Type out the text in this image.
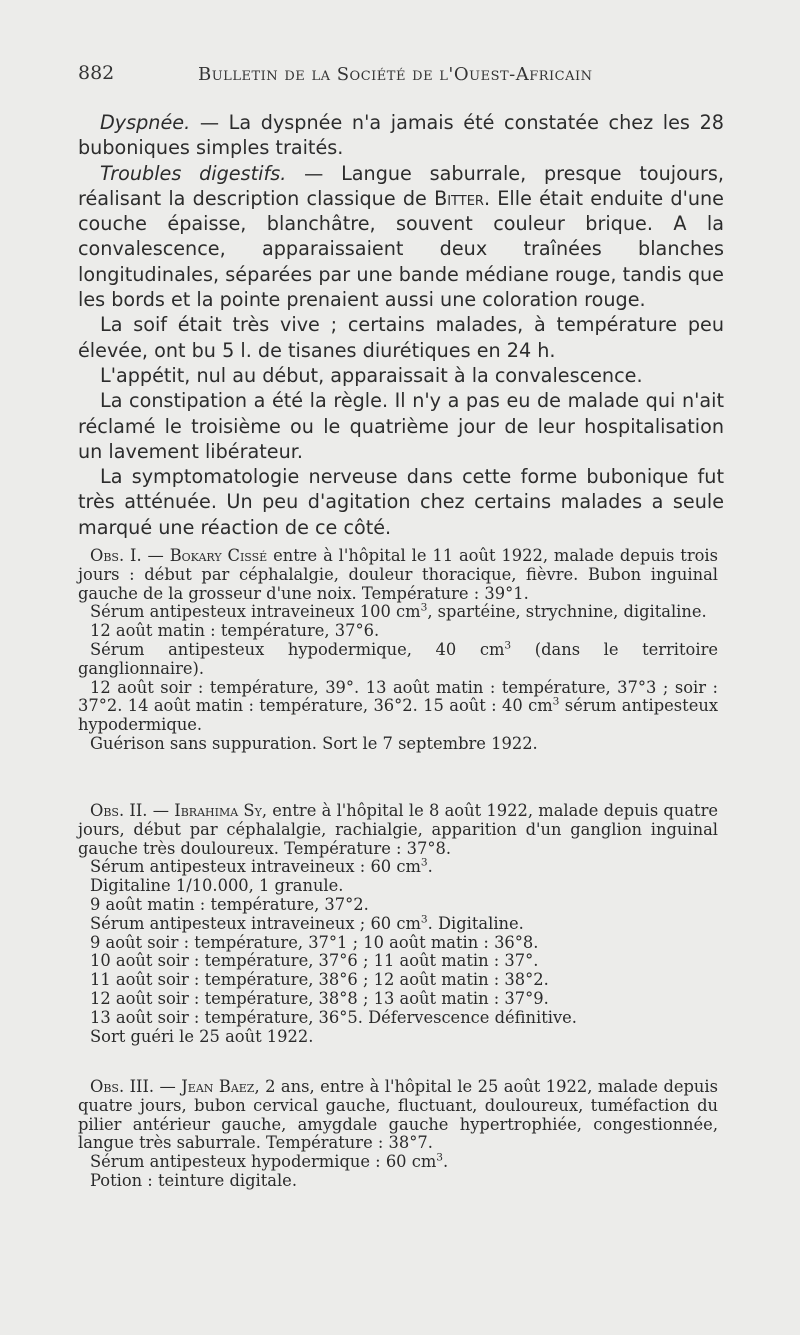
882	Bulletin de la Société de l'Ouest-Africain

Dyspnée. — La dyspnée n'a jamais été constatée chez les 28 buboniques simples traités.

Troubles digestifs. — Langue saburrale, presque toujours, réalisant la description classique de Bitter. Elle était enduite d'une couche épaisse, blanchâtre, souvent couleur brique. A la convalescence, apparaissaient deux traînées blanches longitudinales, séparées par une bande médiane rouge, tandis que les bords et la pointe prenaient aussi une coloration rouge.

La soif était très vive ; certains malades, à température peu élevée, ont bu 5 l. de tisanes diurétiques en 24 h.

L'appétit, nul au début, apparaissait à la convalescence.

La constipation a été la règle. Il n'y a pas eu de malade qui n'ait réclamé le troisième ou le quatrième jour de leur hospitalisation un lavement libérateur.

La symptomatologie nerveuse dans cette forme bubonique fut très atténuée. Un peu d'agitation chez certains malades a seule marqué une réaction de ce côté.

Obs. I. — Bokary Cissé entre à l'hôpital le 11 août 1922, malade depuis trois jours : début par céphalalgie, douleur thoracique, fièvre. Bubon inguinal gauche de la grosseur d'une noix. Température : 39°1.

Sérum antipesteux intraveineux 100 $cm^3$, spartéine, strychnine, digitaline.

12 août matin : température, 37°6.

Sérum antipesteux hypodermique, 40 $cm^3$ (dans le territoire ganglionnaire).

12 août soir : température, 39°. 13 août matin : température, 37°3 ; soir : 37°2. 14 août matin : température, 36°2. 15 août : 40 $cm^3$ sérum antipesteux hypodermique.

Guérison sans suppuration. Sort le 7 septembre 1922.

Obs. II. — Ibrahima Sy, entre à l'hôpital le 8 août 1922, malade depuis quatre jours, début par céphalalgie, rachialgie, apparition d'un ganglion inguinal gauche très douloureux. Température : 37°8.

Sérum antipesteux intraveineux : 60 $cm^3$.

Digitaline 1/10.000, 1 granule.

9 août matin : température, 37°2.

Sérum antipesteux intraveineux ; 60 $cm^3$. Digitaline.

9 août soir : température, 37°1 ; 10 août matin : 36°8.

10 août soir : température, 37°6 ; 11 août matin : 37°.

11 août soir : température, 38°6 ; 12 août matin : 38°2.

12 août soir : température, 38°8 ; 13 août matin : 37°9.

13 août soir : température, 36°5. Défervescence définitive.

Sort guéri le 25 août 1922.

Obs. III. — Jean Baez, 2 ans, entre à l'hôpital le 25 août 1922, malade depuis quatre jours, bubon cervical gauche, fluctuant, douloureux, tuméfaction du pilier antérieur gauche, amygdale gauche hypertrophiée, congestionnée, langue très saburrale. Température : 38°7.

Sérum antipesteux hypodermique : 60 $cm^3$.

Potion : teinture digitale.
